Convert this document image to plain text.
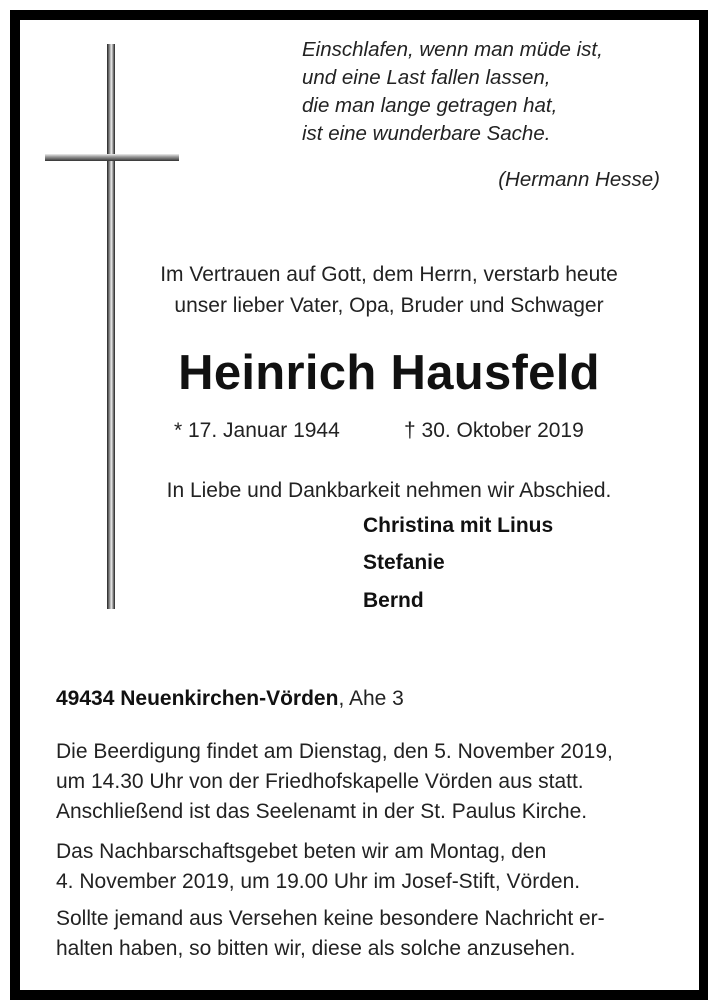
Einschlafen, wenn man müde ist,
und eine Last fallen lassen,
die man lange getragen hat,
ist eine wunderbare Sache.
(Hermann Hesse)
Im Vertrauen auf Gott, dem Herrn, verstarb heute
unser lieber Vater, Opa, Bruder und Schwager
Heinrich Hausfeld
* 17. Januar 1944	† 30. Oktober 2019
In Liebe und Dankbarkeit nehmen wir Abschied.
Christina mit Linus
Stefanie
Bernd
49434 Neuenkirchen-Vörden, Ahe 3
Die Beerdigung findet am Dienstag, den 5. November 2019,
um 14.30 Uhr von der Friedhofskapelle Vörden aus statt.
Anschließend ist das Seelenamt in der St. Paulus Kirche.
Das Nachbarschaftsgebet beten wir am Montag, den
4. November 2019, um 19.00 Uhr im Josef-Stift, Vörden.
Sollte jemand aus Versehen keine besondere Nachricht er-
halten haben, so bitten wir, diese als solche anzusehen.
